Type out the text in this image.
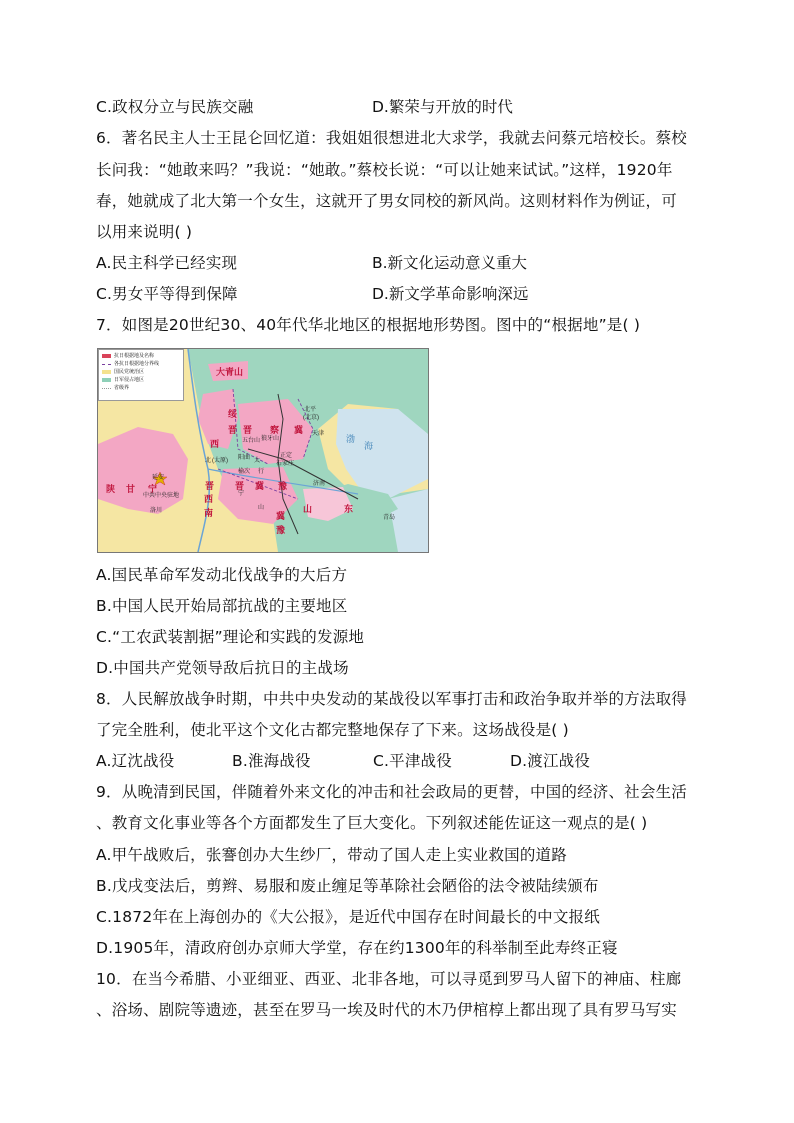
C.政权分立与民族交融	D.繁荣与开放的时代
6．著名民主人士王昆仑回忆道：我姐姐很想进北大求学，我就去问蔡元培校长。蔡校
长问我：“她敢来吗？”我说：“她敢。”蔡校长说：“可以让她来试试。”这样，1920年
春，她就成了北大第一个女生，这就开了男女同校的新风尚。这则材料作为例证，可
以用来说明( )
A.民主科学已经实现	B.新文化运动意义重大
C.男女平等得到保障	D.新文学革命影响深远
7．如图是20世纪30、40年代华北地区的根据地形势图。图中的“根据地”是( )
大青山
绥
晋 晋 察 冀
西
陕 甘 宁	晋 晋 冀 豫
西
南	山	东
冀
豫
北平
(北京)
天津
五台山 狼牙山
北 (太原) 阳曲 太
正定
石家庄
延安
中共中央驻地
洛川
榆次 行
济南
青岛
山
宁
渤
海
抗日根据地及名称
各抗日根据地分界线
国民党统治区
日军侵占地区
省级界
A.国民革命军发动北伐战争的大后方
B.中国人民开始局部抗战的主要地区
C.“工农武装割据”理论和实践的发源地
D.中国共产党领导敌后抗日的主战场
8．人民解放战争时期，中共中央发动的某战役以军事打击和政治争取并举的方法取得
了完全胜利，使北平这个文化古都完整地保存了下来。这场战役是( )
A.辽沈战役	B.淮海战役	C.平津战役	D.渡江战役
9．从晚清到民国，伴随着外来文化的冲击和社会政局的更替，中国的经济、社会生活
、教育文化事业等各个方面都发生了巨大变化。下列叙述能佐证这一观点的是( )
A.甲午战败后，张謇创办大生纱厂，带动了国人走上实业救国的道路
B.戊戌变法后，剪辫、易服和废止缠足等革除社会陋俗的法令被陆续颁布
C.1872年在上海创办的《大公报》，是近代中国存在时间最长的中文报纸
D.1905年，清政府创办京师大学堂，存在约1300年的科举制至此寿终正寝
10．在当今希腊、小亚细亚、西亚、北非各地，可以寻觅到罗马人留下的神庙、柱廊
、浴场、剧院等遗迹，甚至在罗马一埃及时代的木乃伊棺椁上都出现了具有罗马写实
